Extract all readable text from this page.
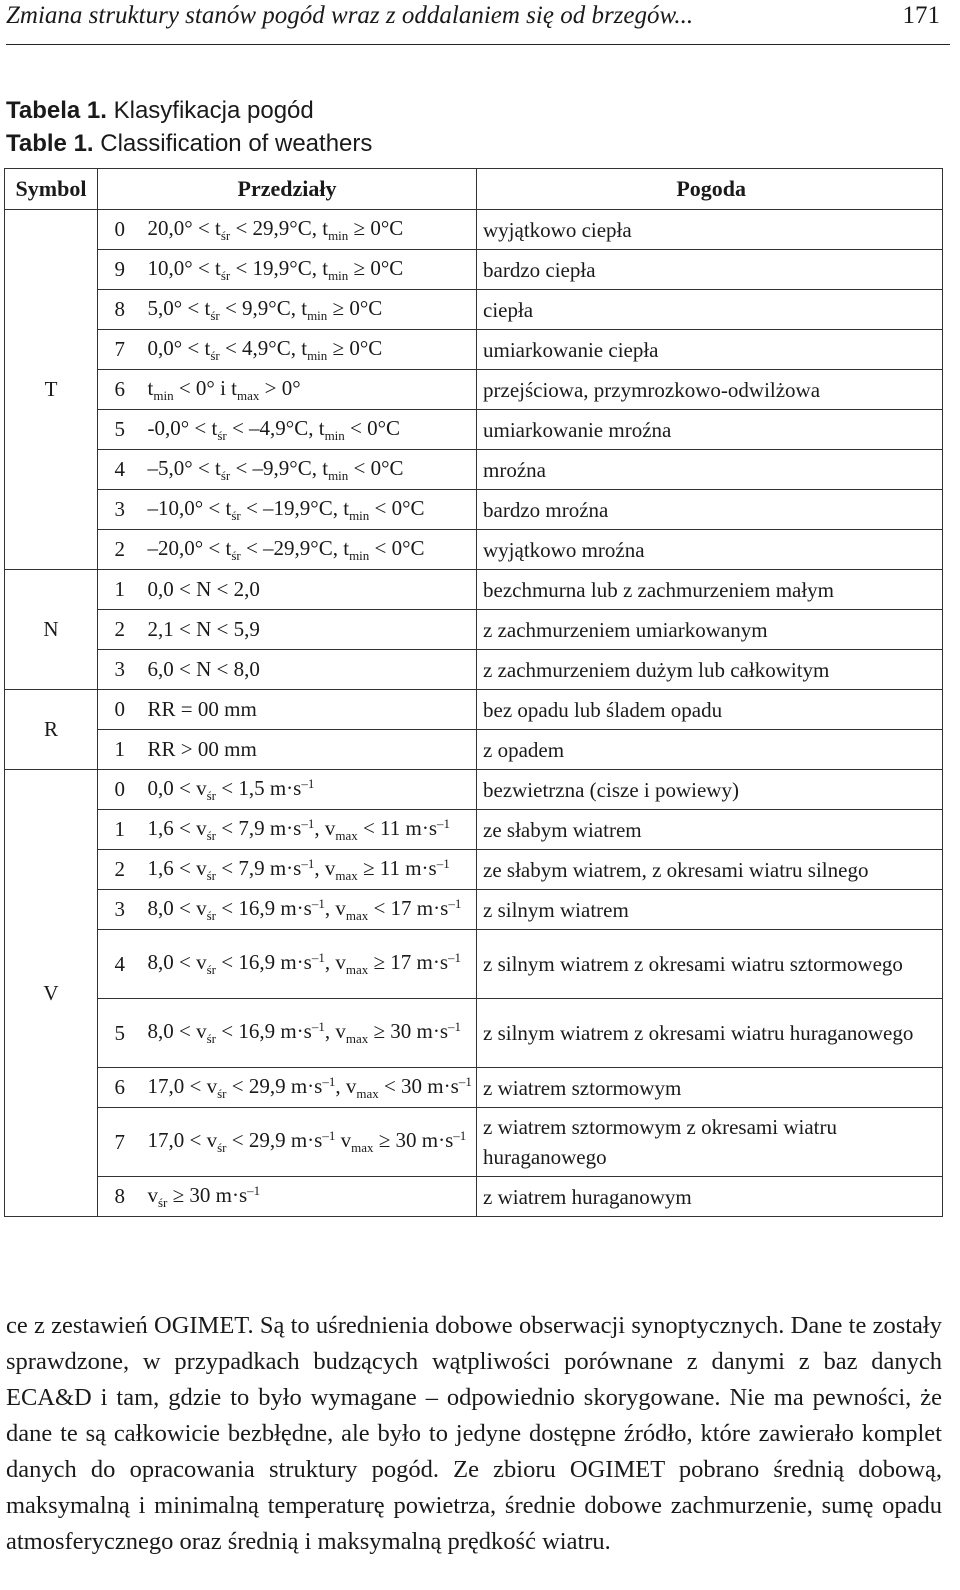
Zmiana struktury stanów pogód wraz z oddalaniem się od brzegów...	171
Tabela 1. Klasyfikacja pogód
Table 1. Classification of weathers
Symbol	Przedziały		Pogoda
T	0	$20,0^\circ < t_{śr} < 29,9^\circ C$, $t_{min} \ge 0^\circ C$	wyjątkowo ciepła
	9	$10,0^\circ < t_{śr} < 19,9^\circ C$, $t_{min} \ge 0^\circ C$	bardzo ciepła
	8	$5,0^\circ < t_{śr} < 9,9^\circ C$, $t_{min} \ge 0^\circ C$	ciepła
	7	$0,0^\circ < t_{śr} < 4,9^\circ C$, $t_{min} \ge 0^\circ C$	umiarkowanie ciepła
	6	$t_{min} < 0^\circ$ i $t_{max} > 0^\circ$	przejściowa, przymrozkowo-odwilżowa
	5	$-0,0^\circ < t_{śr} < -4,9^\circ C$, $t_{min} < 0^\circ C$	umiarkowanie mroźna
	4	$-5,0^\circ < t_{śr} < -9,9^\circ C$, $t_{min} < 0^\circ C$	mroźna
	3	$-10,0^\circ < t_{śr} < -19,9^\circ C$, $t_{min} < 0^\circ C$	bardzo mroźna
	2	$-20,0^\circ < t_{śr} < -29,9^\circ C$, $t_{min} < 0^\circ C$	wyjątkowo mroźna
N	1	0,0 < N < 2,0	bezchmurna lub z zachmurzeniem małym
	2	2,1 < N < 5,9	z zachmurzeniem umiarkowanym
	3	6,0 < N < 8,0	z zachmurzeniem dużym lub całkowitym
R	0	RR = 00 mm	bez opadu lub śladem opadu
	1	RR > 00 mm	z opadem
V	0	$0,0 < v_{śr} < 1,5$ $m\cdot s^{-1}$	bezwietrzna (cisze i powiewy)
	1	$1,6 < v_{śr} < 7,9$ $m\cdot s^{-1}$, $v_{max} < 11$ $m\cdot s^{-1}$	ze słabym wiatrem
	2	$1,6 < v_{śr} < 7,9$ $m\cdot s^{-1}$, $v_{max} \ge 11$ $m\cdot s^{-1}$	ze słabym wiatrem, z okresami wiatru silnego
	3	$8,0 < v_{śr} < 16,9$ $m\cdot s^{-1}$, $v_{max} < 17$ $m\cdot s^{-1}$	z silnym wiatrem
	4	$8,0 < v_{śr} < 16,9$ $m\cdot s^{-1}$, $v_{max} \ge 17$ $m\cdot s^{-1}$	z silnym wiatrem z okresami wiatru sztormowego
	5	$8,0 < v_{śr} < 16,9$ $m\cdot s^{-1}$, $v_{max} \ge 30$ $m\cdot s^{-1}$	z silnym wiatrem z okresami wiatru huraganowego
	6	$17,0 < v_{śr} < 29,9$ $m\cdot s^{-1}$, $v_{max} < 30$ $m\cdot s^{-1}$	z wiatrem sztormowym
	7	$17,0 < v_{śr} < 29,9$ $m\cdot s^{-1}$ $v_{max} \ge 30$ $m\cdot s^{-1}$	z wiatrem sztormowym z okresami wiatru huraganowego
	8	$v_{śr} \ge 30$ $m\cdot s^{-1}$	z wiatrem huraganowym

ce z zestawień OGIMET. Są to uśrednienia dobowe obserwacji synoptycznych. Dane te zostały sprawdzone, w przypadkach budzących wątpliwości porównane z danymi z baz danych ECA&D i tam, gdzie to było wymagane – odpowiednio skorygowane. Nie ma pewności, że dane te są całkowicie bezbłędne, ale było to jedyne dostępne źródło, które zawierało komplet danych do opracowania struktury pogód. Ze zbioru OGIMET pobrano średnią dobową, maksymalną i minimalną temperaturę powietrza, średnie dobowe zachmurzenie, sumę opadu atmosferycznego oraz średnią i maksymalną prędkość wiatru.
